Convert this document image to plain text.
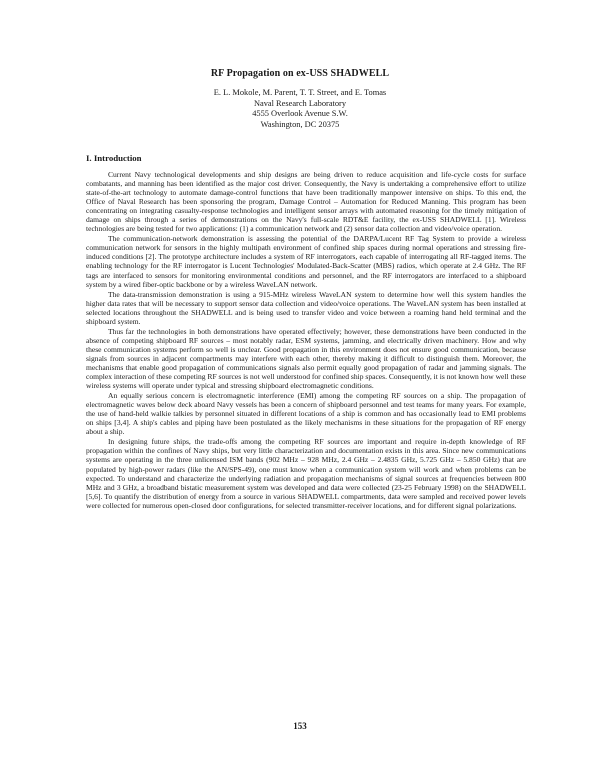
RF Propagation on ex-USS SHADWELL
E. L. Mokole, M. Parent, T. T. Street, and E. Tomas
Naval Research Laboratory
4555 Overlook Avenue S.W.
Washington, DC 20375
I. Introduction

Current Navy technological developments and ship designs are being driven to reduce acquisition and life-cycle costs for surface combatants, and manning has been identified as the major cost driver. Consequently, the Navy is undertaking a comprehensive effort to utilize state-of-the-art technology to automate damage-control functions that have been traditionally manpower intensive on ships. To this end, the Office of Naval Research has been sponsoring the program, Damage Control – Automation for Reduced Manning. This program has been concentrating on integrating casualty-response technologies and intelligent sensor arrays with automated reasoning for the timely mitigation of damage on ships through a series of demonstrations on the Navy's full-scale RDT&E facility, the ex-USS SHADWELL [1]. Wireless technologies are being tested for two applications: (1) a communication network and (2) sensor data collection and video/voice operation.

The communication-network demonstration is assessing the potential of the DARPA/Lucent RF Tag System to provide a wireless communication network for sensors in the highly multipath environment of confined ship spaces during normal operations and stressing fire-induced conditions [2]. The prototype architecture includes a system of RF interrogators, each capable of interrogating all RF-tagged items. The enabling technology for the RF interrogator is Lucent Technologies' Modulated-Back-Scatter (MBS) radios, which operate at 2.4 GHz. The RF tags are interfaced to sensors for monitoring environmental conditions and personnel, and the RF interrogators are interfaced to a shipboard system by a wired fiber-optic backbone or by a wireless WaveLAN network.

The data-transmission demonstration is using a 915-MHz wireless WaveLAN system to determine how well this system handles the higher data rates that will be necessary to support sensor data collection and video/voice operations. The WaveLAN system has been installed at selected locations throughout the SHADWELL and is being used to transfer video and voice between a roaming hand held terminal and the shipboard system.

Thus far the technologies in both demonstrations have operated effectively; however, these demonstrations have been conducted in the absence of competing shipboard RF sources – most notably radar, ESM systems, jamming, and electrically driven machinery. How and why these communication systems perform so well is unclear. Good propagation in this environment does not ensure good communication, because signals from sources in adjacent compartments may interfere with each other, thereby making it difficult to distinguish them. Moreover, the mechanisms that enable good propagation of communications signals also permit equally good propagation of radar and jamming signals. The complex interaction of these competing RF sources is not well understood for confined ship spaces. Consequently, it is not known how well these wireless systems will operate under typical and stressing shipboard electromagnetic conditions.

An equally serious concern is electromagnetic interference (EMI) among the competing RF sources on a ship. The propagation of electromagnetic waves below deck aboard Navy vessels has been a concern of shipboard personnel and test teams for many years. For example, the use of hand-held walkie talkies by personnel situated in different locations of a ship is common and has occasionally lead to EMI problems on ships [3,4]. A ship's cables and piping have been postulated as the likely mechanisms in these situations for the propagation of RF energy about a ship.

In designing future ships, the trade-offs among the competing RF sources are important and require in-depth knowledge of RF propagation within the confines of Navy ships, but very little characterization and documentation exists in this area. Since new communications systems are operating in the three unlicensed ISM bands (902 MHz – 928 MHz, 2.4 GHz – 2.4835 GHz, 5.725 GHz – 5.850 GHz) that are populated by high-power radars (like the AN/SPS-49), one must know when a communication system will work and when problems can be expected. To understand and characterize the underlying radiation and propagation mechanisms of signal sources at frequencies between 800 MHz and 3 GHz, a broadband bistatic measurement system was developed and data were collected (23-25 February 1998) on the SHADWELL [5,6]. To quantify the distribution of energy from a source in various SHADWELL compartments, data were sampled and received power levels were collected for numerous open-closed door configurations, for selected transmitter-receiver locations, and for different signal polarizations.

153
